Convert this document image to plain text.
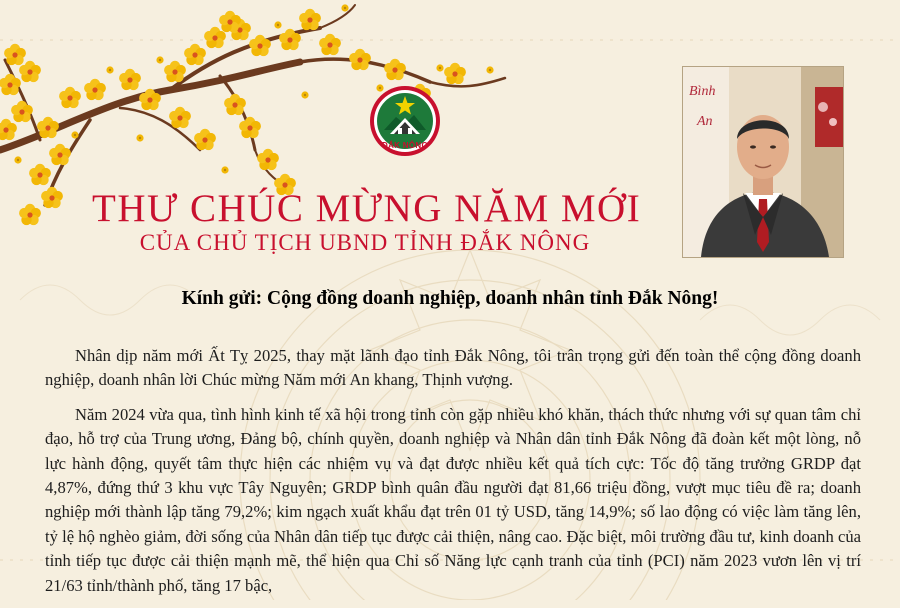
ĐẮK NÔNG
THƯ CHÚC MỪNG NĂM MỚI
CỦA CHỦ TỊCH UBND TỈNH ĐẮK NÔNG
Bình
An
Kính gửi: Cộng đồng doanh nghiệp, doanh nhân tỉnh Đắk Nông!

Nhân dịp năm mới Ất Tỵ 2025, thay mặt lãnh đạo tỉnh Đắk Nông, tôi trân trọng gửi đến toàn thể cộng đồng doanh nghiệp, doanh nhân lời Chúc mừng Năm mới An khang, Thịnh vượng.

Năm 2024 vừa qua, tình hình kinh tế xã hội trong tỉnh còn gặp nhiều khó khăn, thách thức nhưng với sự quan tâm chỉ đạo, hỗ trợ của Trung ương, Đảng bộ, chính quyền, doanh nghiệp và Nhân dân tỉnh Đắk Nông đã đoàn kết một lòng, nỗ lực hành động, quyết tâm thực hiện các nhiệm vụ và đạt được nhiều kết quả tích cực: Tốc độ tăng trưởng GRDP đạt 4,87%, đứng thứ 3 khu vực Tây Nguyên; GRDP bình quân đầu người đạt 81,66 triệu đồng, vượt mục tiêu đề ra; doanh nghiệp mới thành lập tăng 79,2%; kim ngạch xuất khẩu đạt trên 01 tỷ USD, tăng 14,9%; số lao động có việc làm tăng lên, tỷ lệ hộ nghèo giảm, đời sống của Nhân dân tiếp tục được cải thiện, nâng cao. Đặc biệt, môi trường đầu tư, kinh doanh của tỉnh tiếp tục được cải thiện mạnh mẽ, thể hiện qua Chỉ số Năng lực cạnh tranh của tỉnh (PCI) năm 2023 vươn lên vị trí 21/63 tỉnh/thành phố, tăng 17 bậc,
